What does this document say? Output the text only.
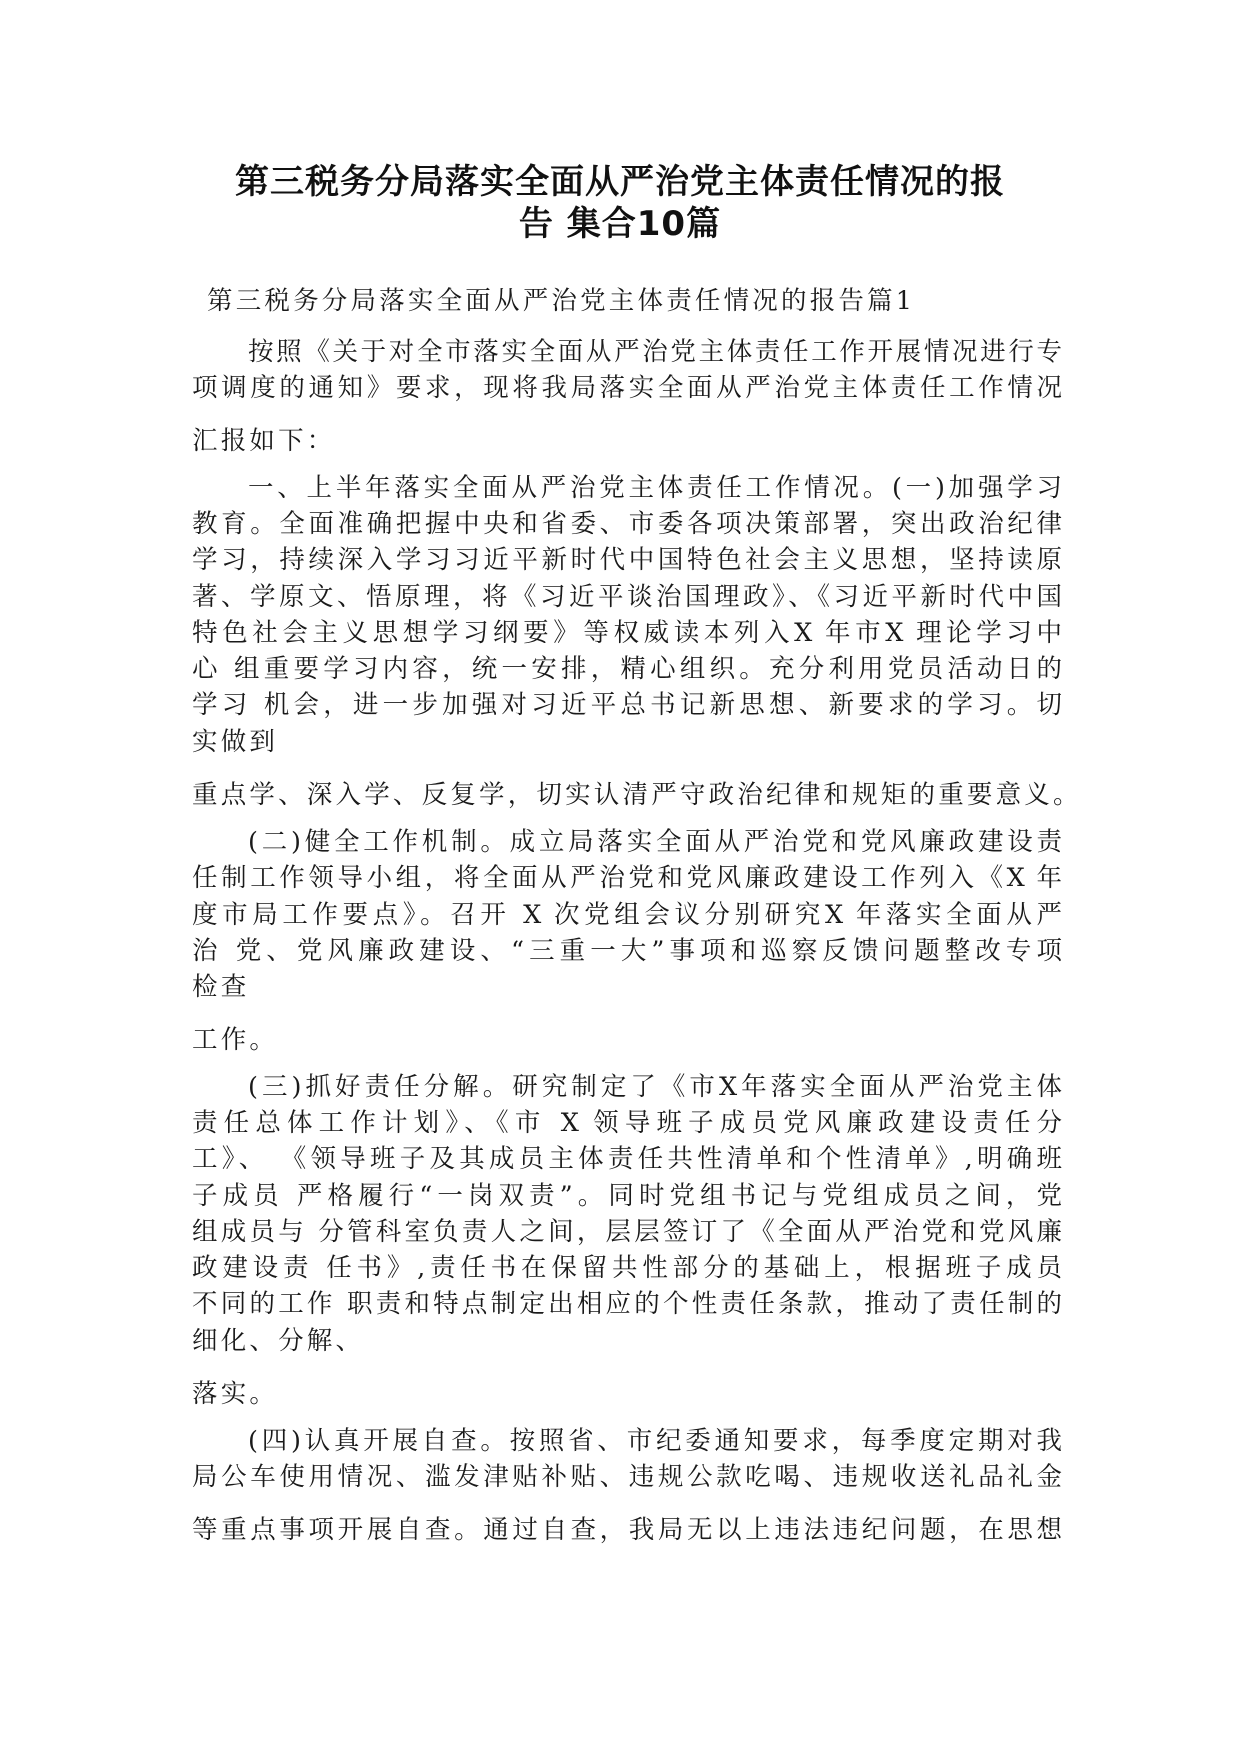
第三税务分局落实全面从严治党主体责任情况的报
告 集合10篇
第三税务分局落实全面从严治党主体责任情况的报告篇1
按照《关于对全市落实全面从严治党主体责任工作开展情况进行专
项调度的通知》要求，现将我局落实全面从严治党主体责任工作情况
汇报如下：
一、上半年落实全面从严治党主体责任工作情况。(一)加强学习
教育。全面准确把握中央和省委、市委各项决策部署，突出政治纪律
学习，持续深入学习习近平新时代中国特色社会主义思想，坚持读原
著、学原文、悟原理，将《习近平谈治国理政》、《习近平新时代中国
特色社会主义思想学习纲要》等权威读本列入X 年市X 理论学习中
心 组重要学习内容，统一安排，精心组织。充分利用党员活动日的
学习 机会，进一步加强对习近平总书记新思想、新要求的学习。切
实做到
重点学、深入学、反复学，切实认清严守政治纪律和规矩的重要意义。
(二)健全工作机制。成立局落实全面从严治党和党风廉政建设责
任制工作领导小组，将全面从严治党和党风廉政建设工作列入《X 年
度市局工作要点》。召开 X 次党组会议分别研究X 年落实全面从严
治 党、党风廉政建设、“三重一大”事项和巡察反馈问题整改专项
检查
工作。
(三)抓好责任分解。研究制定了《市X年落实全面从严治党主体
责任总体工作计划》、《市 X 领导班子成员党风廉政建设责任分
工》、 《领导班子及其成员主体责任共性清单和个性清单》,明确班
子成员 严格履行“一岗双责”。同时党组书记与党组成员之间，党
组成员与 分管科室负责人之间，层层签订了《全面从严治党和党风廉
政建设责 任书》,责任书在保留共性部分的基础上，根据班子成员
不同的工作 职责和特点制定出相应的个性责任条款，推动了责任制的
细化、分解、
落实。
(四)认真开展自查。按照省、市纪委通知要求，每季度定期对我
局公车使用情况、滥发津贴补贴、违规公款吃喝、违规收送礼品礼金
等重点事项开展自查。通过自查，我局无以上违法违纪问题，在思想
